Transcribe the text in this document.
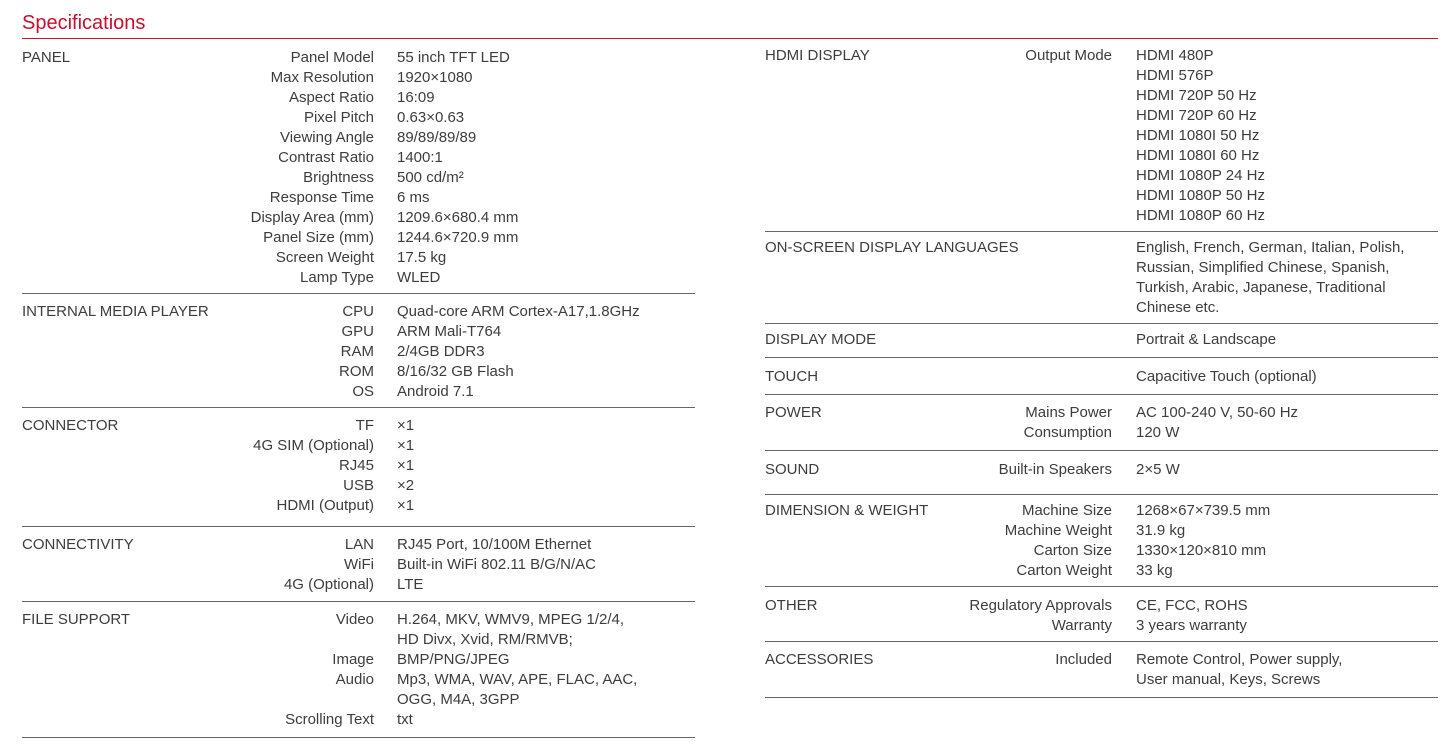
Specifications
PANEL	Panel Model 55 inch TFT LED
Max Resolution 1920×1080
Aspect Ratio 16:09
Pixel Pitch 0.63×0.63
Viewing Angle 89/89/89/89
Contrast Ratio 1400:1
Brightness 500 cd/m²
Response Time 6 ms
Display Area (mm) 1209.6×680.4 mm
Panel Size (mm) 1244.6×720.9 mm
Screen Weight 17.5 kg
Lamp Type WLED
INTERNAL MEDIA PLAYER	CPU Quad-core ARM Cortex-A17,1.8GHz
GPU ARM Mali-T764
RAM 2/4GB DDR3
ROM 8/16/32 GB Flash
OS Android 7.1
CONNECTOR	TF ×1
4G SIM (Optional) ×1
RJ45 ×1
USB ×2
HDMI (Output) ×1
CONNECTIVITY	LAN RJ45 Port, 10/100M Ethernet
WiFi Built-in WiFi 802.11 B/G/N/AC
4G (Optional) LTE
FILE SUPPORT	Video H.264, MKV, WMV9, MPEG 1/2/4,
HD Divx, Xvid, RM/RMVB;
Image BMP/PNG/JPEG
Audio Mp3, WMA, WAV, APE, FLAC, AAC,
OGG, M4A, 3GPP
Scrolling Text txt
HDMI DISPLAY	Output Mode HDMI 480P
HDMI 576P
HDMI 720P 50 Hz
HDMI 720P 60 Hz
HDMI 1080I 50 Hz
HDMI 1080I 60 Hz
HDMI 1080P 24 Hz
HDMI 1080P 50 Hz
HDMI 1080P 60 Hz
ON-SCREEN DISPLAY LANGUAGES	English, French, German, Italian, Polish,
Russian, Simplified Chinese, Spanish,
Turkish, Arabic, Japanese, Traditional
Chinese etc.
DISPLAY MODE	Portrait & Landscape
TOUCH	Capacitive Touch (optional)
POWER	Mains Power AC 100-240 V, 50-60 Hz
Consumption 120 W
SOUND	Built-in Speakers 2×5 W
DIMENSION & WEIGHT	Machine Size 1268×67×739.5 mm
Machine Weight 31.9 kg
Carton Size 1330×120×810 mm
Carton Weight 33 kg
OTHER	Regulatory Approvals CE, FCC, ROHS
Warranty 3 years warranty
ACCESSORIES	Included Remote Control, Power supply,
User manual, Keys, Screws
